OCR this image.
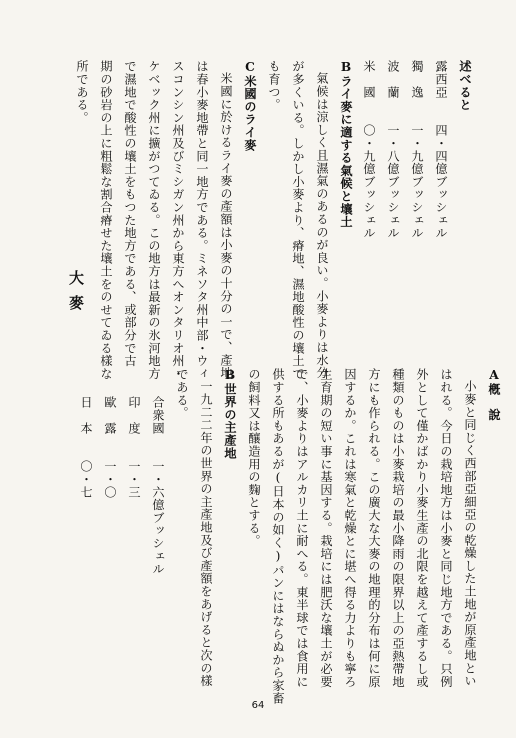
述べると
露西亞　　四・四億ブッシェル
獨　逸　　一・九億ブッシェル
波　蘭　　一・八億ブッシェル
米　國　　〇・九億ブッシェル
Bライ麥に適する氣候と壤土
氣候は涼しく且濕氣のあるのが良い。小麥よりは水分
が多くいる。しかし小麥より、瘠地、濕地酸性の壤土で
も育つ。
C米國のライ麥
米國に於けるライ麥の產額は小麥の十分の一で、產地
は春小麥地帶と同一地方である。ミネソタ州中部・ウィ
スコンシン州及びミシガン州から東方へオンタリオ州・
ケベック州に擴がつてゐる。この地方は最新の氷河地方
で濕地で酸性の壤土をもつた地方である、或部分で古
期の砂岩の上に粗鬆な割合瘠せた壤土をのせてゐる樣な
所である。
A槪　說
小麥と同じく西部亞細亞の乾燥した土地が原產地とい
はれる。今日の栽培地方は小麥と同じ地方である。只例
外として僅かばかり小麥生產の北限を越えて產するし或
種類のものは小麥栽培の最小降雨の限界以上の亞熱帶地
方にも作られる。この廣大な大麥の地理的分布は何に原
因するか。これは寒氣と乾燥とに堪へ得る力よりも寧ろ
生育期の短い事に基因する。栽培には肥沃な壤土が必要
で、小麥よりはアルカリ土に耐へる。東半球では食用に
供する所もあるが(日本の如く)パンにはならぬから家畜
の飼料又は釀造用の麴とする。
B世界の主產地
一九二二年の世界の主產地及び產額をあげると次の樣
である。
合衆國　　一・六億ブッシェル
印　度　　一・三
歐　露　　一・〇
日　本　　〇・七
大麥
64
